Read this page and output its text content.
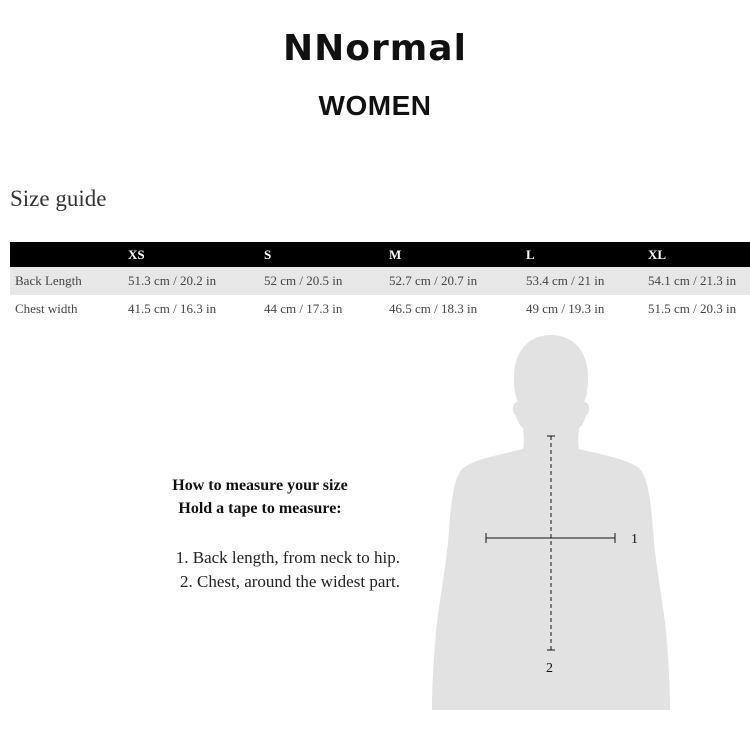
NNormal
WOMEN
Size guide
	XS	S	M	L	XL
Back Length	51.3 cm / 20.2 in	52 cm / 20.5 in	52.7 cm / 20.7 in	53.4 cm / 21 in	54.1 cm / 21.3 in
Chest width	41.5 cm / 16.3 in	44 cm / 17.3 in	46.5 cm / 18.3 in	49 cm / 19.3 in	51.5 cm / 20.3 in
How to measure your size
Hold a tape to measure:
1. Back length, from neck to hip.
2. Chest, around the widest part.
1
2
